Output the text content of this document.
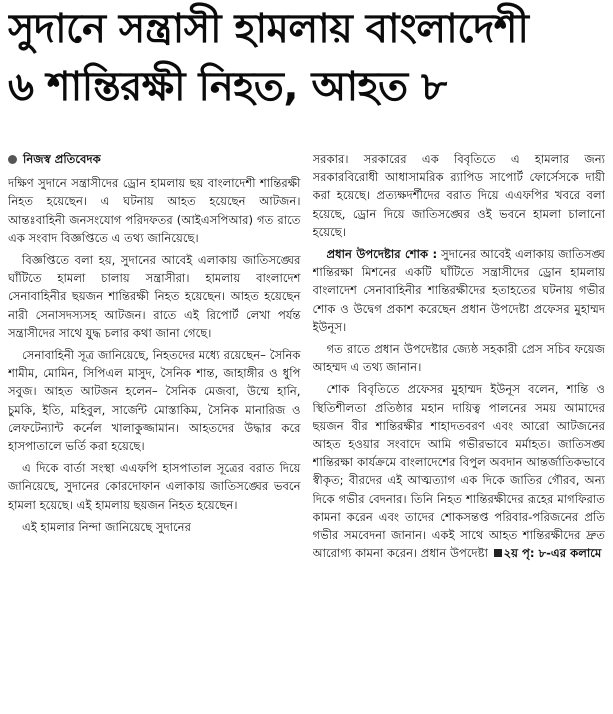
সুদানে সন্ত্রাসী হামলায় বাংলাদেশী
৬ শান্তিরক্ষী নিহত, আহত ৮
নিজস্ব প্রতিবেদক

দক্ষিণ সুদানে সন্ত্রাসীদের ড্রোন হামলায় ছয় বাংলাদেশী শান্তিরক্ষী নিহত হয়েছেন। এ ঘটনায় আহত হয়েছেন আটজন। আন্তঃবাহিনী জনসংযোগ পরিদফতর (আইএসপিআর) গত রাতে এক সংবাদ বিজ্ঞপ্তিতে এ তথ্য জানিয়েছে।

বিজ্ঞপ্তিতে বলা হয়, সুদানের আবেই এলাকায় জাতিসঙ্ঘের ঘাঁটিতে হামলা চালায় সন্ত্রাসীরা। হামলায় বাংলাদেশ সেনাবাহিনীর ছয়জন শান্তিরক্ষী নিহত হয়েছেন। আহত হয়েছেন নারী সেনাসদস্যসহ আটজন। রাতে এই রিপোর্ট লেখা পর্যন্ত সন্ত্রাসীদের সাথে যুদ্ধ চলার কথা জানা গেছে।

সেনাবাহিনী সূত্র জানিয়েছে, নিহতদের মধ্যে রয়েছেন– সৈনিক শামীম, মোমিন, সিপিএল মাসুদ, সৈনিক শান্ত, জাহাঙ্গীর ও ধুপি সবুজ। আহত আটজন হলেন– সৈনিক মেজবা, উম্মে হানি, চুমকি, ইতি, মহিবুল, সার্জেন্ট মোস্তাকিম, সৈনিক মানারিজ ও লেফটেন্যান্ট কর্নেল খালাকুজ্জামান। আহতদের উদ্ধার করে হাসপাতালে ভর্তি করা হয়েছে।

এ দিকে বার্তা সংস্থা এএফপি হাসপাতাল সূত্রের বরাত দিয়ে জানিয়েছে, সুদানের কোরদোফান এলাকায় জাতিসঙ্ঘের ভবনে হামলা হয়েছে। এই হামলায় ছয়জন নিহত হয়েছেন।

এই হামলার নিন্দা জানিয়েছে সুদানের

সরকার। সরকারের এক বিবৃতিতে এ হামলার জন্য সরকারবিরোধী আধাসামরিক র‍্যাপিড সাপোর্ট ফোর্সেসকে দায়ী করা হয়েছে। প্রত্যক্ষদর্শীদের বরাত দিয়ে এএফপির খবরে বলা হয়েছে, ড্রোন দিয়ে জাতিসঙ্ঘের ওই ভবনে হামলা চালানো হয়েছে।

প্রধান উপদেষ্টার শোক : সুদানের আবেই এলাকায় জাতিসঙ্ঘ শান্তিরক্ষা মিশনের একটি ঘাঁটিতে সন্ত্রাসীদের ড্রোন হামলায় বাংলাদেশ সেনাবাহিনীর শান্তিরক্ষীদের হতাহতের ঘটনায় গভীর শোক ও উদ্বেগ প্রকাশ করেছেন প্রধান উপদেষ্টা প্রফেসর মুহাম্মদ ইউনূস।

গত রাতে প্রধান উপদেষ্টার জ্যেষ্ঠ সহকারী প্রেস সচিব ফয়েজ আহম্মদ এ তথ্য জানান।

শোক বিবৃতিতে প্রফেসর মুহাম্মদ ইউনূস বলেন, শান্তি ও স্থিতিশীলতা প্রতিষ্ঠার মহান দায়িত্ব পালনের সময় আমাদের ছয়জন বীর শান্তিরক্ষীর শাহাদতবরণ এবং আরো আটজনের আহত হওয়ার সংবাদে আমি গভীরভাবে মর্মাহত। জাতিসঙ্ঘ শান্তিরক্ষা কার্যক্রমে বাংলাদেশের বিপুল অবদান আন্তর্জাতিকভাবে স্বীকৃত; বীরদের এই আত্মত্যাগ এক দিকে জাতির গৌরব, অন্য দিকে গভীর বেদনার। তিনি নিহত শান্তিরক্ষীদের রূহের মাগফিরাত কামনা করেন এবং তাদের শোকসন্তপ্ত পরিবার-পরিজনের প্রতি গভীর সমবেদনা জানান। একই সাথে আহত শান্তিরক্ষীদের দ্রুত আরোগ্য কামনা করেন। প্রধান উপদেষ্টা ২য় পৃ: ৮-এর কলামে
